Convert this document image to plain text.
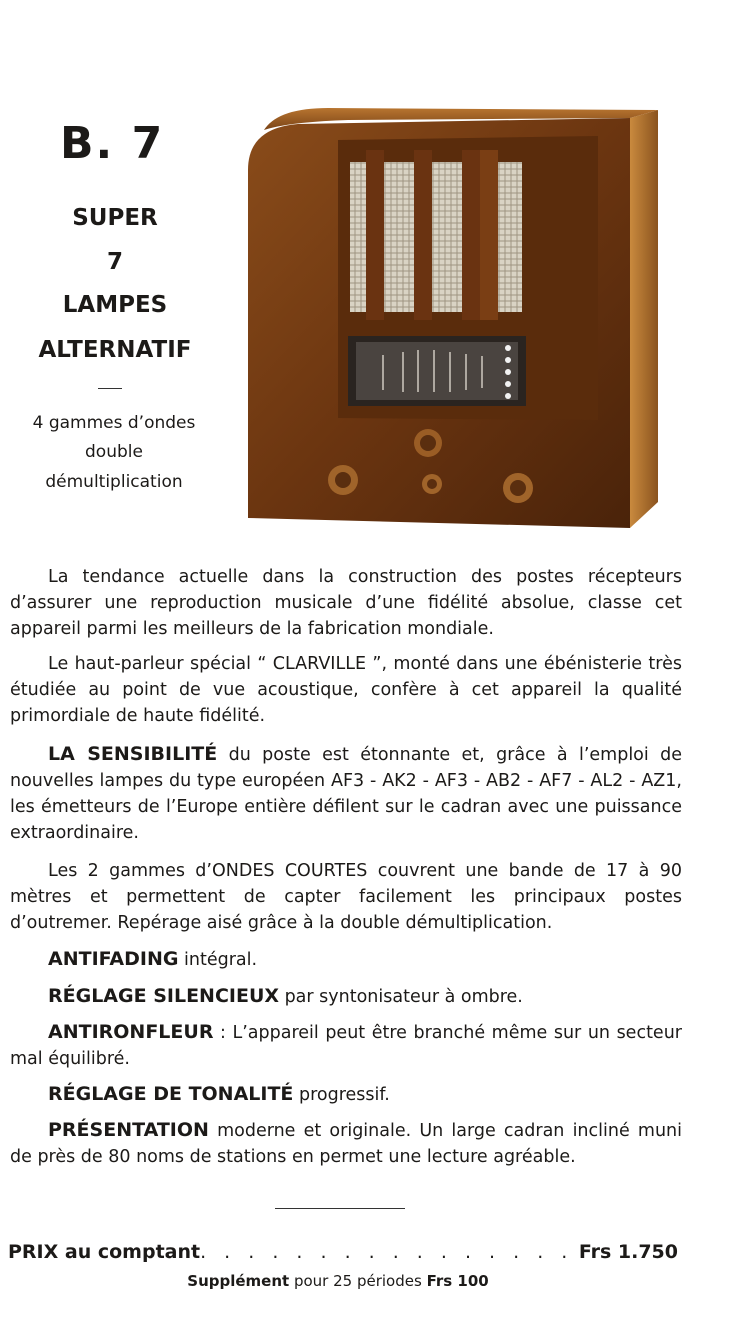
B. 7
SUPER
7
LAMPES
ALTERNATIF
4 gammes d’ondes
double
démultiplication
La tendance actuelle dans la construction des postes récepteurs d’assurer une reproduction musicale d’une fidélité absolue, classe cet appareil parmi les meilleurs de la fabrication mondiale.
Le haut-parleur spécial “ CLARVILLE ”, monté dans une ébénisterie très étudiée au point de vue acoustique, confère à cet appareil la qualité primordiale de haute fidélité.
LA SENSIBILITÉ du poste est étonnante et, grâce à l’emploi de nouvelles lampes du type européen AF3 - AK2 - AF3 - AB2 - AF7 - AL2 - AZ1, les émetteurs de l’Europe entière défilent sur le cadran avec une puissance extraordinaire.
Les 2 gammes d’ONDES COURTES couvrent une bande de 17 à 90 mètres et permettent de capter facilement les principaux postes d’outremer. Repérage aisé grâce à la double démultiplication.
ANTIFADING intégral.
RÉGLAGE SILENCIEUX par syntonisateur à ombre.
ANTIRONFLEUR : L’appareil peut être branché même sur un secteur mal équilibré.
RÉGLAGE DE TONALITÉ progressif.
PRÉSENTATION moderne et originale. Un large cadran incliné muni de près de 80 noms de stations en permet une lecture agréable.
PRIX au comptant. . . . . . . . . . . . . . . . Frs 1.750
Supplément pour 25 périodes Frs 100
